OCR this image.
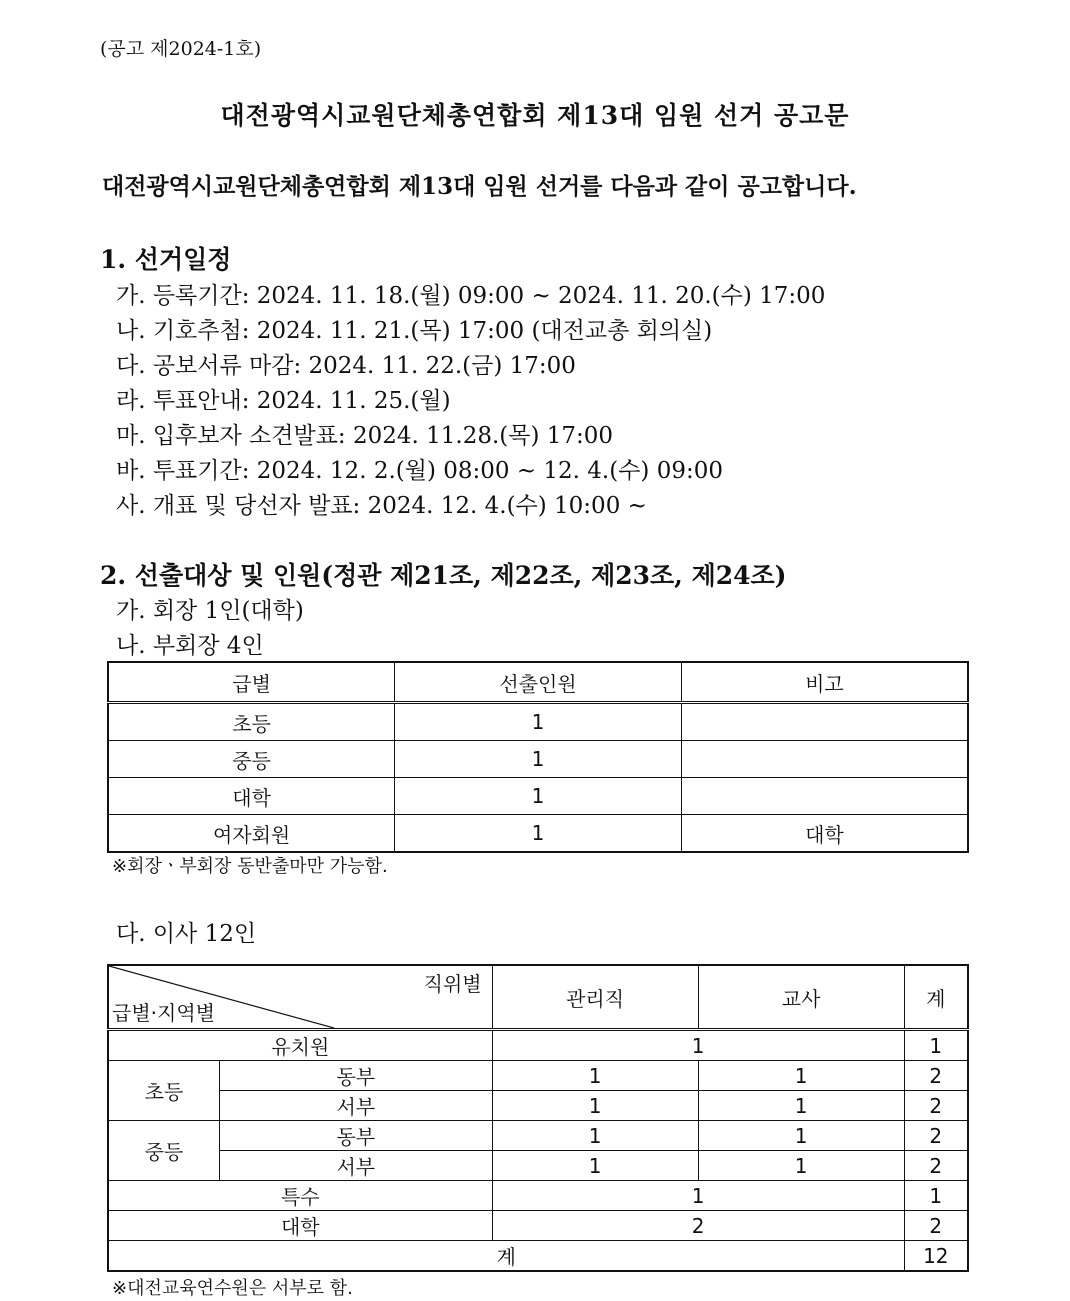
(공고 제2024-1호)
대전광역시교원단체총연합회 제13대 임원 선거 공고문
대전광역시교원단체총연합회 제13대 임원 선거를 다음과 같이 공고합니다.
1. 선거일정
가. 등록기간: 2024. 11. 18.(월) 09:00 ~ 2024. 11. 20.(수) 17:00
나. 기호추첨: 2024. 11. 21.(목) 17:00 (대전교총 회의실)
다. 공보서류 마감: 2024. 11. 22.(금) 17:00
라. 투표안내: 2024. 11. 25.(월)
마. 입후보자 소견발표: 2024. 11.28.(목) 17:00
바. 투표기간: 2024. 12. 2.(월) 08:00 ~ 12. 4.(수) 09:00
사. 개표 및 당선자 발표: 2024. 12. 4.(수) 10:00 ~
2. 선출대상 및 인원(정관 제21조, 제22조, 제23조, 제24조)
가. 회장 1인(대학)
나. 부회장 4인
급별	선출인원	비고
초등	1	
중등	1	
대학	1	
여자회원	1	대학
※회장ㆍ부회장 동반출마만 가능함.
다. 이사 12인
직위별
급별·지역별		관리직	교사	계
유치원		1		1
초등	동부	1	1	2
	서부	1	1	2
중등	동부	1	1	2
	서부	1	1	2
특수		1		1
대학		2		2
계				12
※대전교육연수원은 서부로 함.
